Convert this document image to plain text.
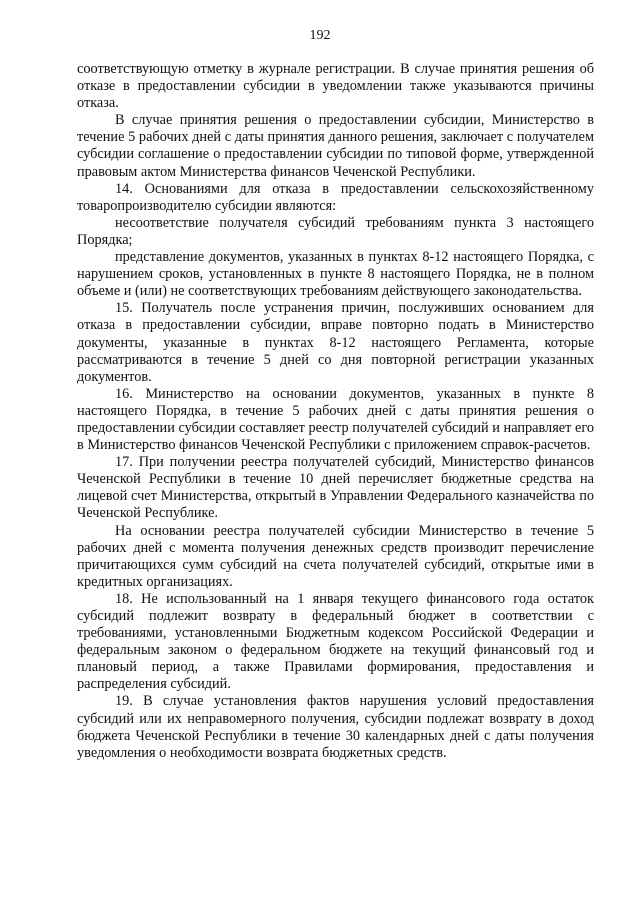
192

соответствующую отметку в журнале регистрации. В случае принятия решения об отказе в предоставлении субсидии в уведомлении также указываются причины отказа.

В случае принятия решения о предоставлении субсидии, Министерство в течение 5 рабочих дней с даты принятия данного решения, заключает с получателем субсидии соглашение о предоставлении субсидии по типовой форме, утвержденной правовым актом Министерства финансов Чеченской Республики.

14. Основаниями для отказа в предоставлении сельскохозяйственному товаропроизводителю субсидии являются:

несоответствие получателя субсидий требованиям пункта 3 настоящего Порядка;

представление документов, указанных в пунктах 8-12 настоящего Порядка, с нарушением сроков, установленных в пункте 8 настоящего Порядка, не в полном объеме и (или) не соответствующих требованиям действующего законодательства.

15. Получатель после устранения причин, послуживших основанием для отказа в предоставлении субсидии, вправе повторно подать в Министерство документы, указанные в пунктах 8-12 настоящего Регламента, которые рассматриваются в течение 5 дней со дня повторной регистрации указанных документов.

16. Министерство на основании документов, указанных в пункте 8 настоящего Порядка, в течение 5 рабочих дней с даты принятия решения о предоставлении субсидии составляет реестр получателей субсидий и направляет его в Министерство финансов Чеченской Республики с приложением справок-расчетов.

17. При получении реестра получателей субсидий, Министерство финансов Чеченской Республики в течение 10 дней перечисляет бюджетные средства на лицевой счет Министерства, открытый в Управлении Федерального казначейства по Чеченской Республике.

На основании реестра получателей субсидии Министерство в течение 5 рабочих дней с момента получения денежных средств производит перечисление причитающихся сумм субсидий на счета получателей субсидий, открытые ими в кредитных организациях.

18. Не использованный на 1 января текущего финансового года остаток субсидий подлежит возврату в федеральный бюджет в соответствии с требованиями, установленными Бюджетным кодексом Российской Федерации и федеральным законом о федеральном бюджете на текущий финансовый год и плановый период, а также Правилами формирования, предоставления и распределения субсидий.

19. В случае установления фактов нарушения условий предоставления субсидий или их неправомерного получения, субсидии подлежат возврату в доход бюджета Чеченской Республики в течение 30 календарных дней с даты получения уведомления о необходимости возврата бюджетных средств.
